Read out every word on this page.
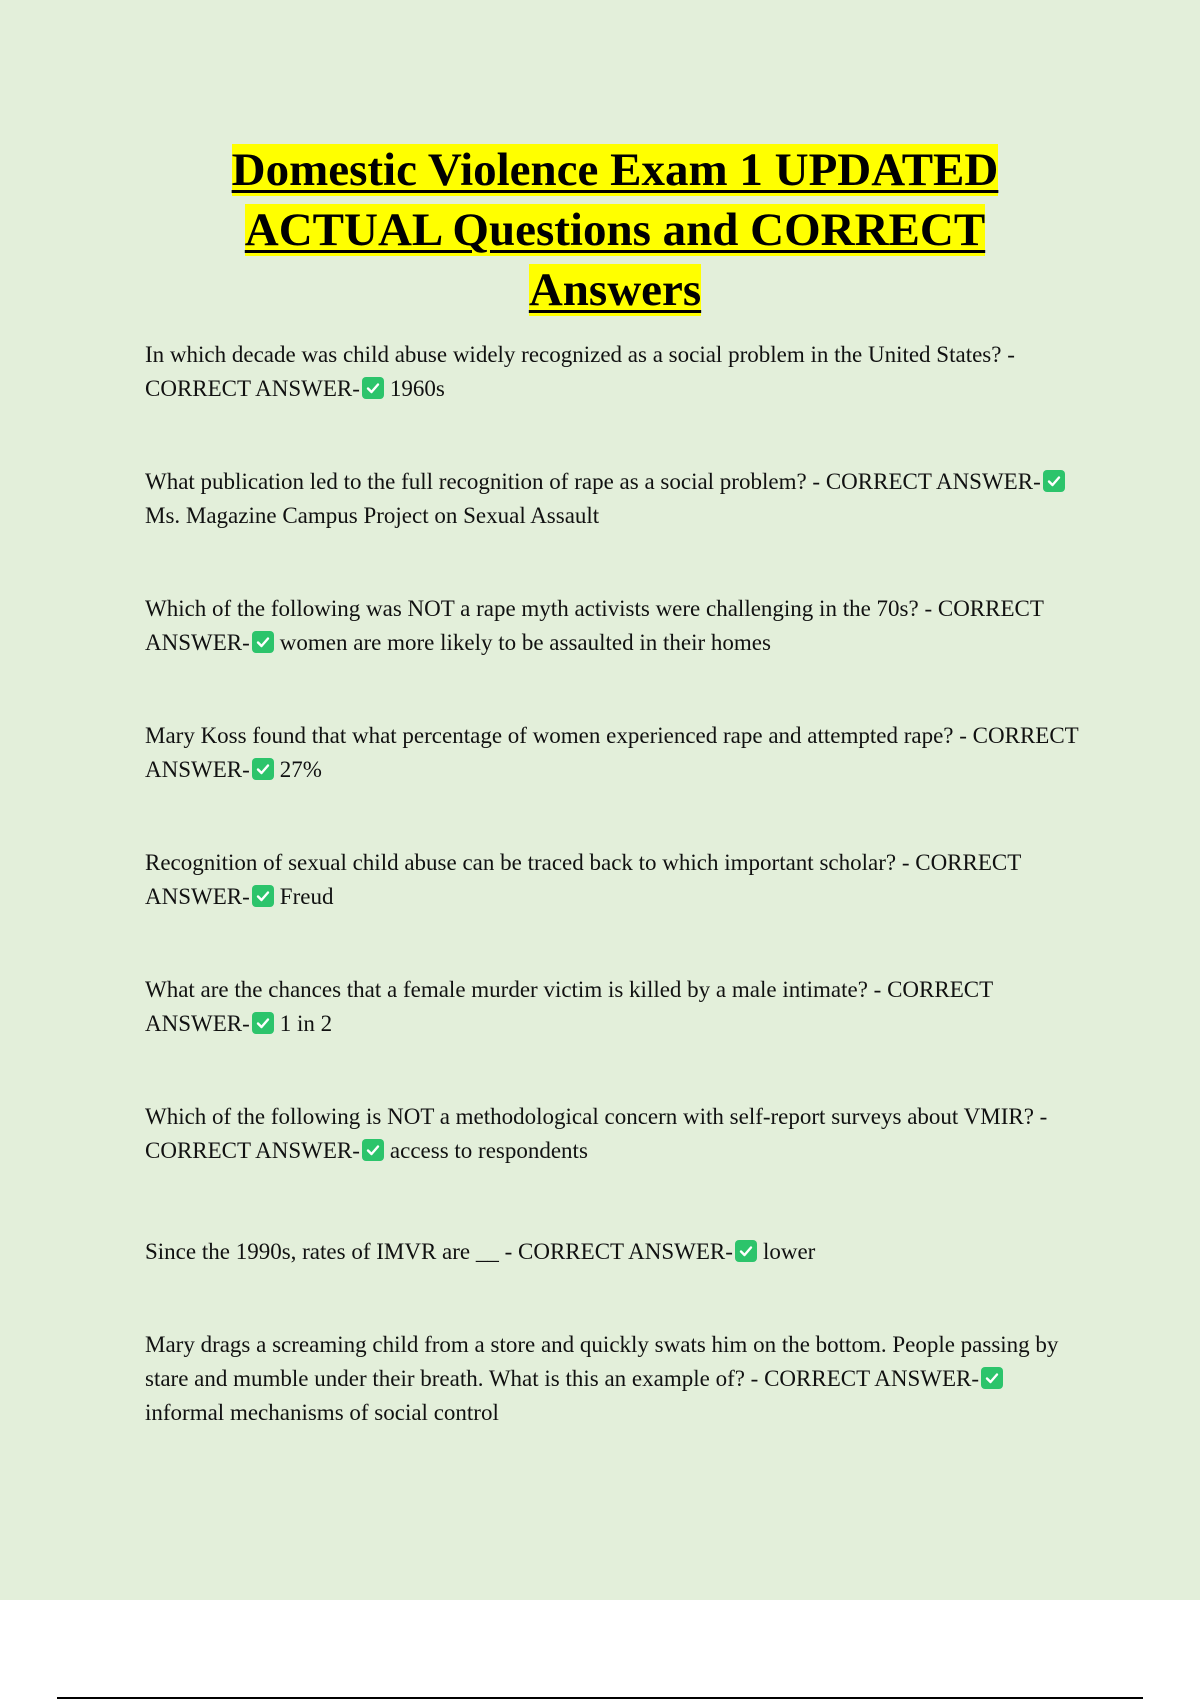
Domestic Violence Exam 1 UPDATED
ACTUAL Questions and CORRECT
Answers
In which decade was child abuse widely recognized as a social problem in the United States? - CORRECT ANSWER- 1960s
What publication led to the full recognition of rape as a social problem? - CORRECT ANSWER-
Ms. Magazine Campus Project on Sexual Assault
Which of the following was NOT a rape myth activists were challenging in the 70s? - CORRECT ANSWER- women are more likely to be assaulted in their homes
Mary Koss found that what percentage of women experienced rape and attempted rape? - CORRECT ANSWER- 27%
Recognition of sexual child abuse can be traced back to which important scholar? - CORRECT ANSWER- Freud
What are the chances that a female murder victim is killed by a male intimate? - CORRECT ANSWER- 1 in 2
Which of the following is NOT a methodological concern with self-report surveys about VMIR? - CORRECT ANSWER- access to respondents
Since the 1990s, rates of IMVR are __ - CORRECT ANSWER- lower
Mary drags a screaming child from a store and quickly swats him on the bottom. People passing by stare and mumble under their breath. What is this an example of? - CORRECT ANSWER-
informal mechanisms of social control
